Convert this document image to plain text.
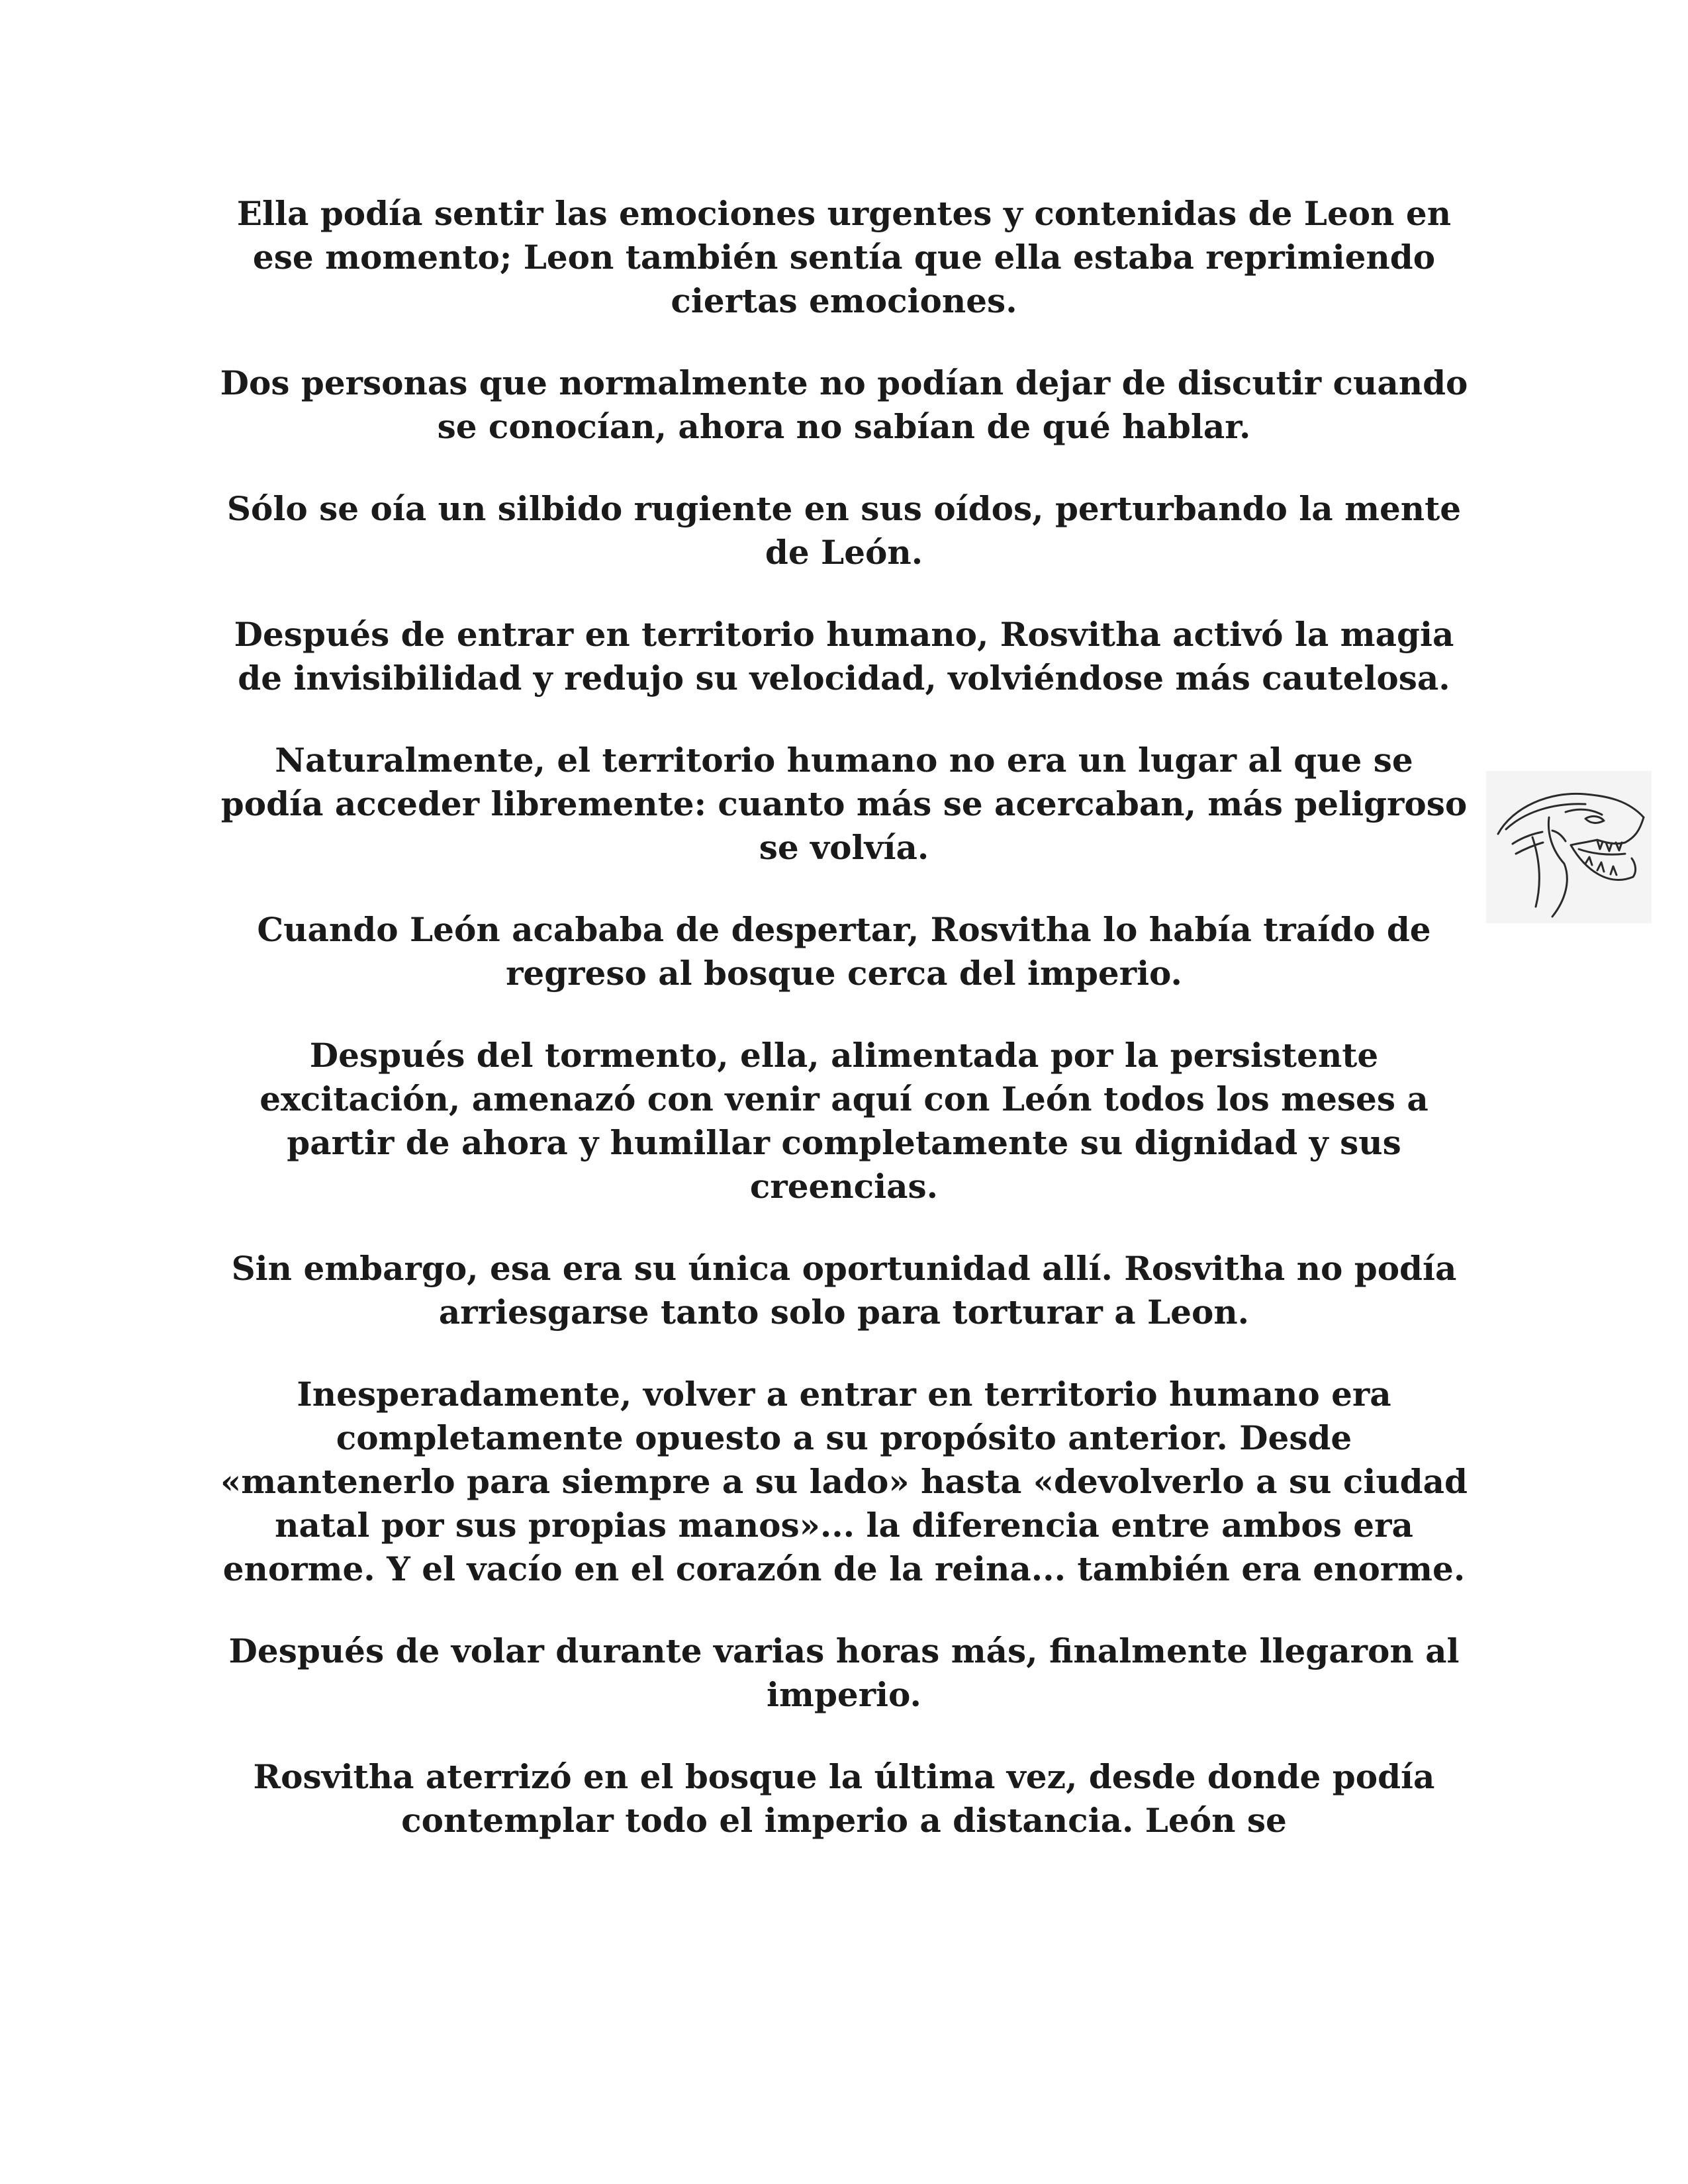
Ella podía sentir las emociones urgentes y contenidas de Leon en ese momento; Leon también sentía que ella estaba reprimiendo ciertas emociones.

Dos personas que normalmente no podían dejar de discutir cuando se conocían, ahora no sabían de qué hablar.

Sólo se oía un silbido rugiente en sus oídos, perturbando la mente de León.

Después de entrar en territorio humano, Rosvitha activó la magia de invisibilidad y redujo su velocidad, volviéndose más cautelosa.

Naturalmente, el territorio humano no era un lugar al que se podía acceder libremente: cuanto más se acercaban, más peligroso se volvía.

Cuando León acababa de despertar, Rosvitha lo había traído de regreso al bosque cerca del imperio.

Después del tormento, ella, alimentada por la persistente excitación, amenazó con venir aquí con León todos los meses a partir de ahora y humillar completamente su dignidad y sus creencias.

Sin embargo, esa era su única oportunidad allí. Rosvitha no podía arriesgarse tanto solo para torturar a Leon.

Inesperadamente, volver a entrar en territorio humano era completamente opuesto a su propósito anterior. Desde «mantenerlo para siempre a su lado» hasta «devolverlo a su ciudad natal por sus propias manos»... la diferencia entre ambos era enorme. Y el vacío en el corazón de la reina... también era enorme.

Después de volar durante varias horas más, finalmente llegaron al imperio.

Rosvitha aterrizó en el bosque la última vez, desde donde podía contemplar todo el imperio a distancia. León se
